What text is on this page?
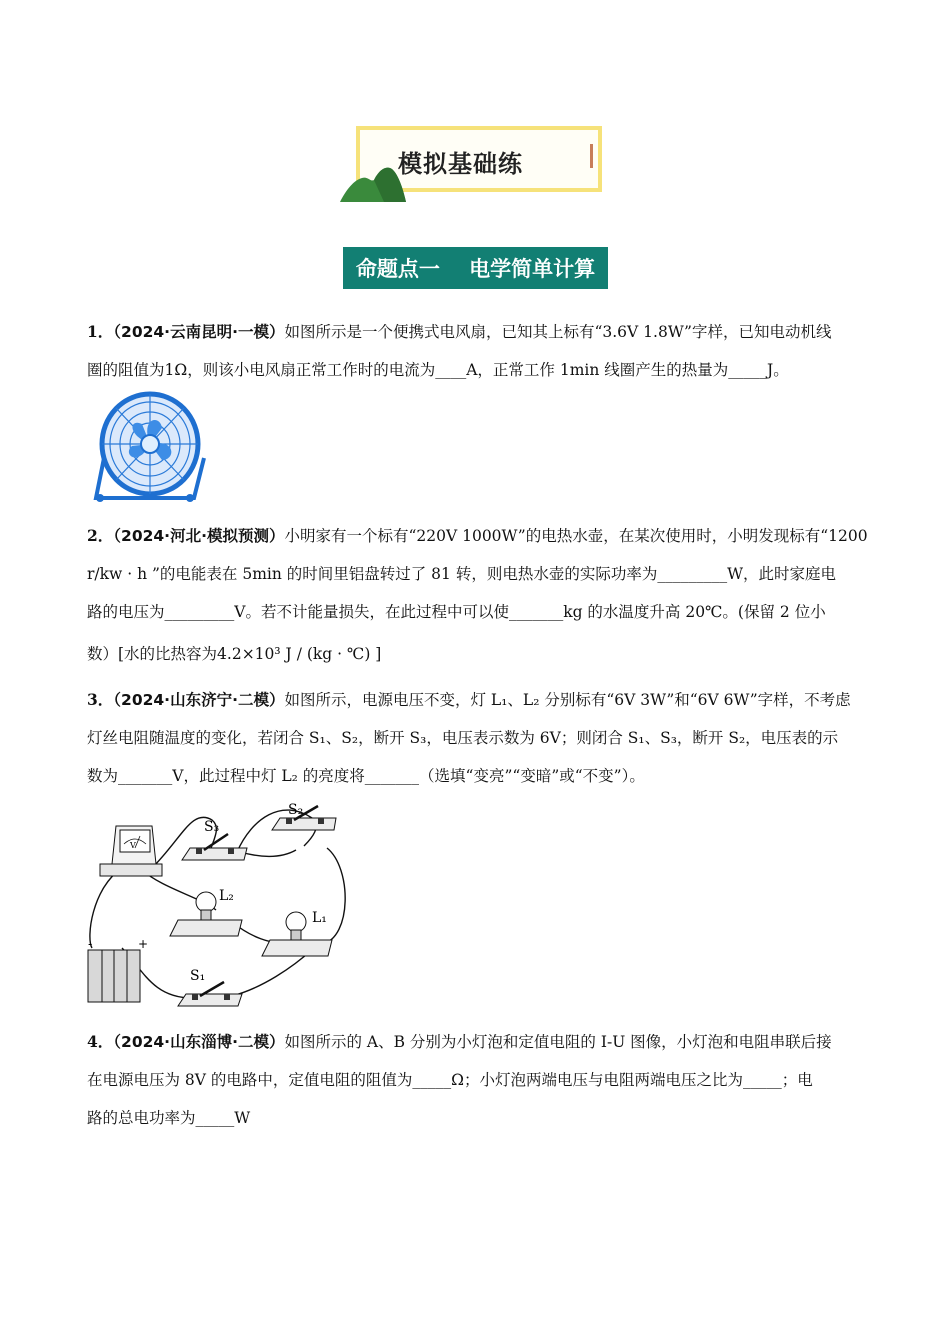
模拟基础练
命题点一    电学简单计算
1．（2024·云南昆明·一模）如图所示是一个便携式电风扇，已知其上标有“3.6V 1.8W”字样，已知电动机线
圈的阻值为1Ω，则该小电风扇正常工作时的电流为____A，正常工作 1min 线圈产生的热量为_____J。
2．（2024·河北·模拟预测）小明家有一个标有“220V 1000W”的电热水壶，在某次使用时，小明发现标有“1200
r/kw · h ”的电能表在 5min 的时间里铝盘转过了 81 转，则电热水壶的实际功率为_________W，此时家庭电
路的电压为_________V。若不计能量损失，在此过程中可以使_______kg 的水温度升高 20℃。(保留 2 位小
数）[水的比热容为4.2×10³ J / (kg · ℃) ]
3．（2024·山东济宁·二模）如图所示，电源电压不变，灯 L₁、L₂ 分别标有“6V 3W”和“6V 6W”字样，不考虑
灯丝电阻随温度的变化，若闭合 S₁、S₂，断开 S₃，电压表示数为 6V；则闭合 S₁、S₃，断开 S₂，电压表的示
数为_______V，此过程中灯 L₂ 的亮度将_______（选填“变亮”“变暗”或“不变”）。
V
S₃
S₂
L₂
L₁
-	+
S₁
4．（2024·山东淄博·二模）如图所示的 A、B 分别为小灯泡和定值电阻的 I-U 图像，小灯泡和电阻串联后接
在电源电压为 8V 的电路中，定值电阻的阻值为_____Ω；小灯泡两端电压与电阻两端电压之比为_____；电
路的总电功率为_____W
